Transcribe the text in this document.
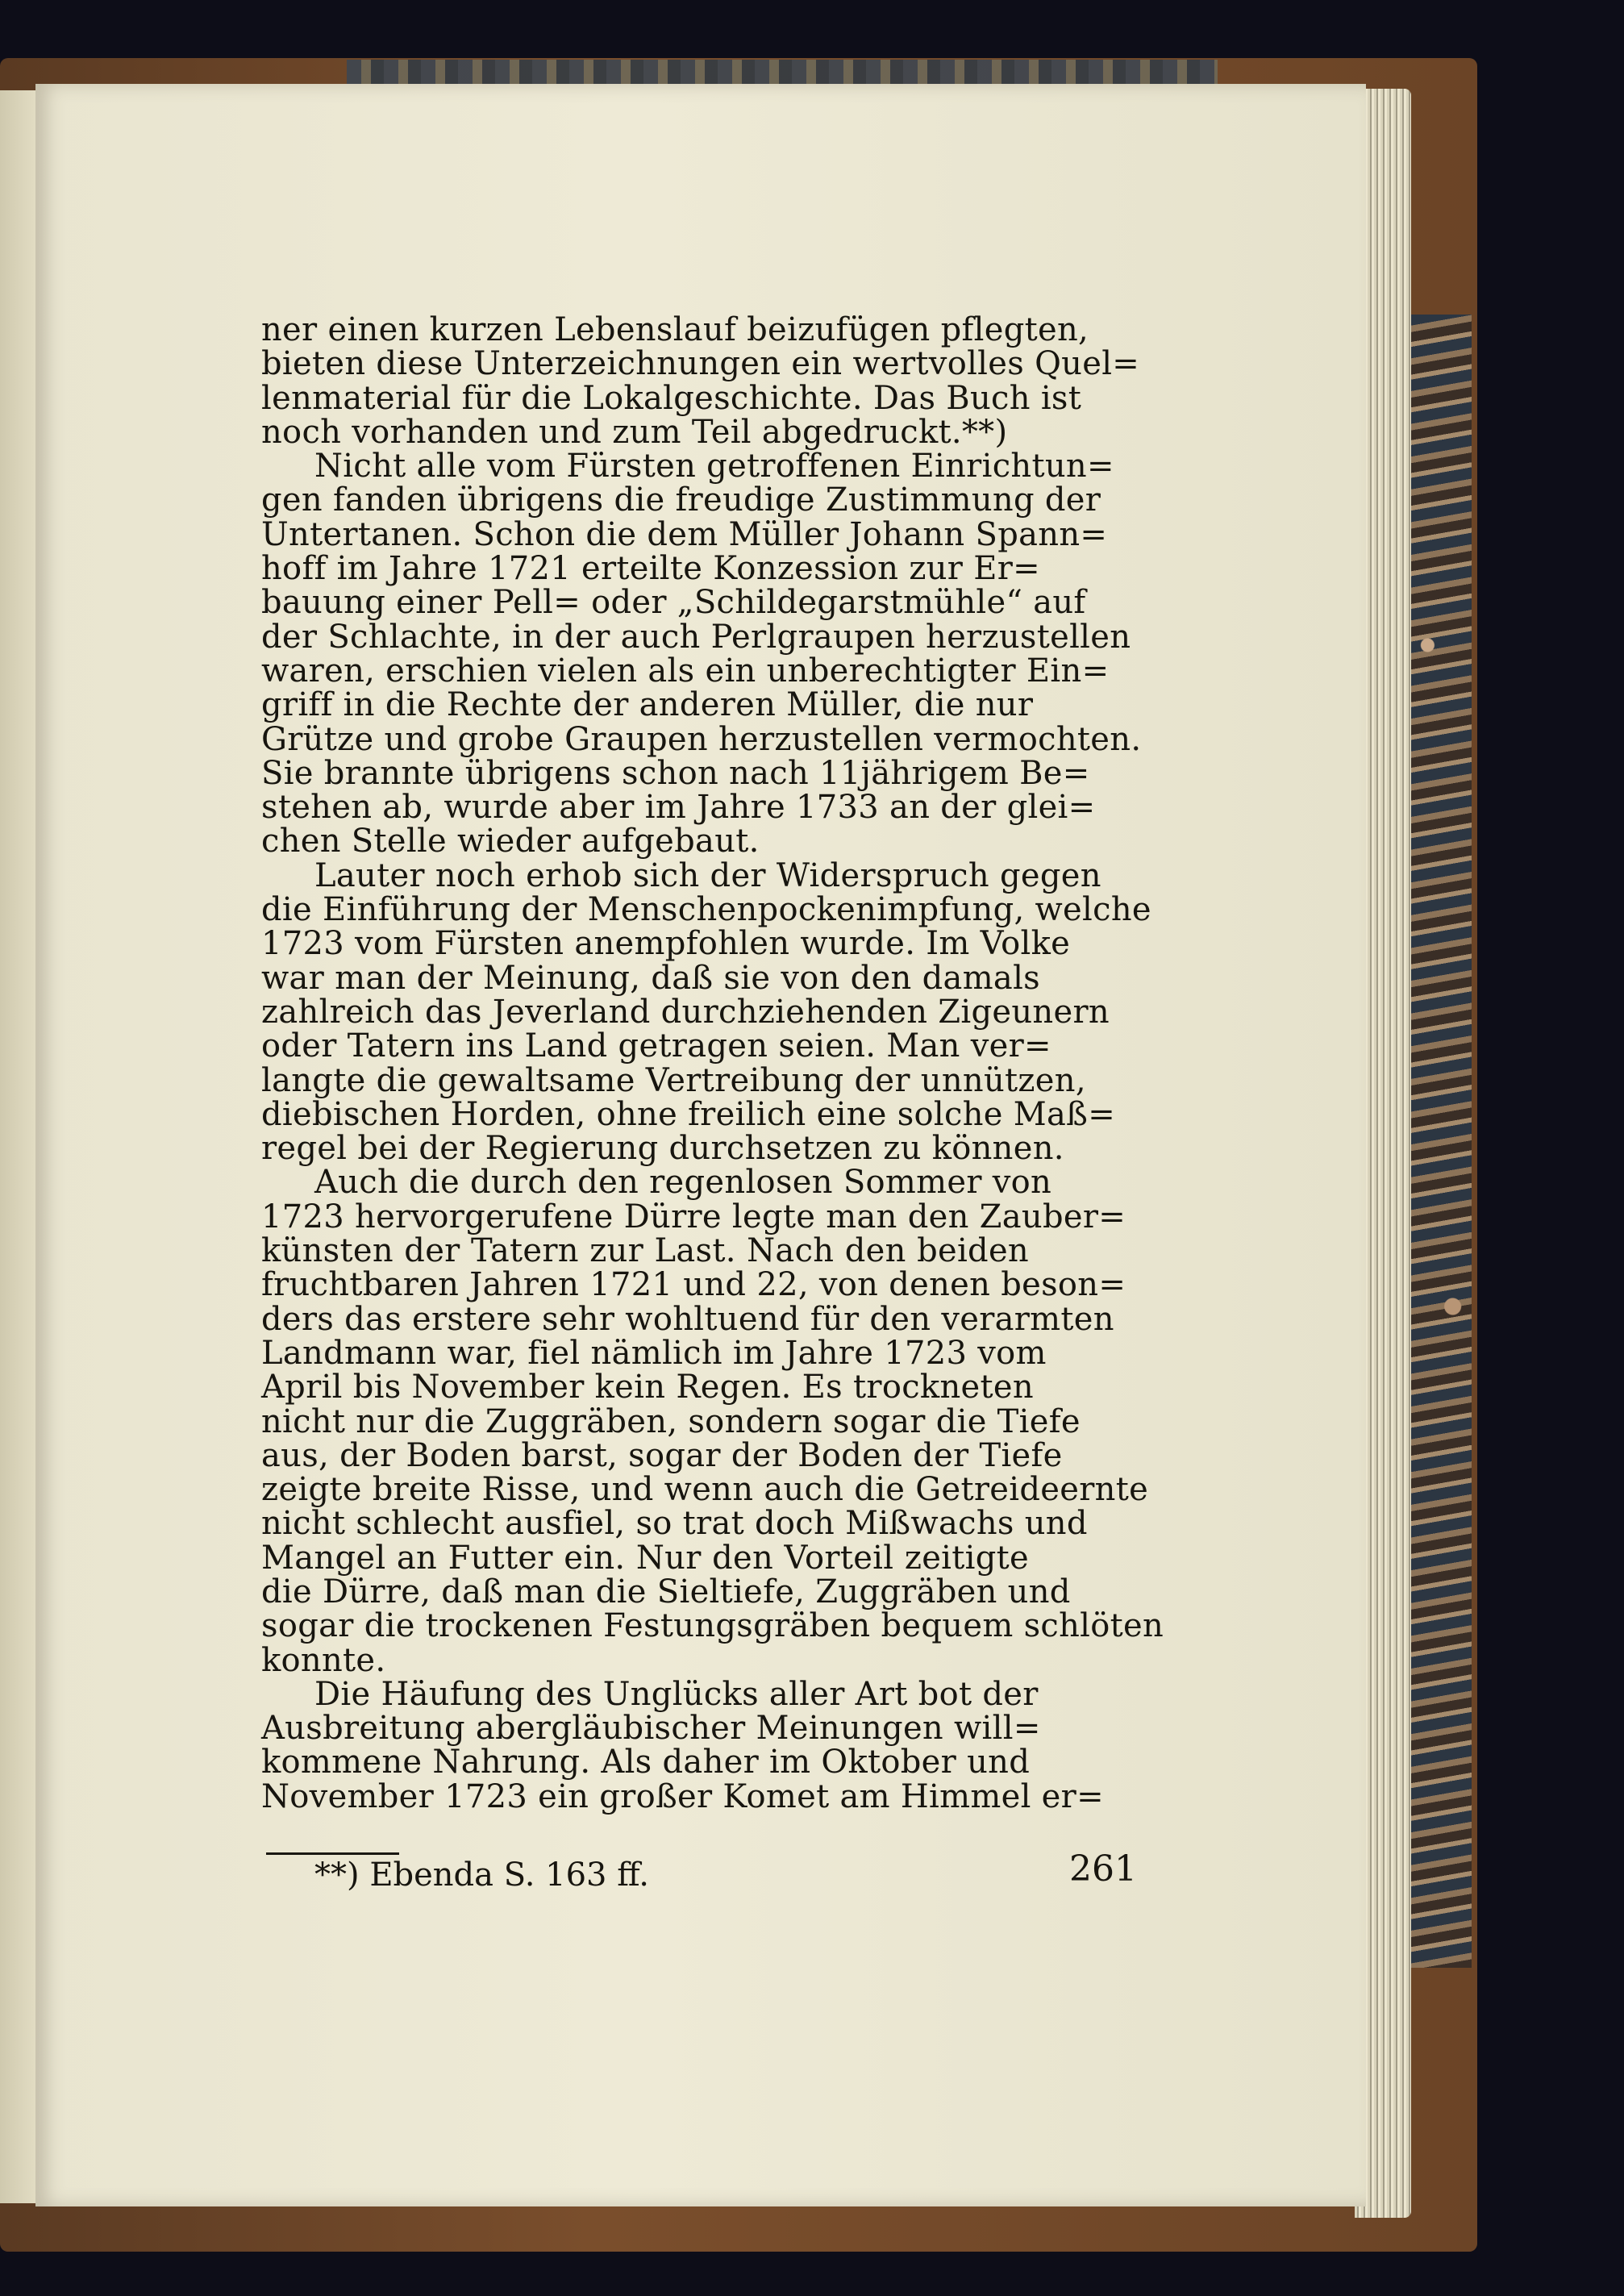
ner einen kurzen Lebenslauf beizufügen pflegten,
bieten diese Unterzeichnungen ein wertvolles Quel=
lenmaterial für die Lokalgeschichte. Das Buch ist
noch vorhanden und zum Teil abgedruckt.**)
Nicht alle vom Fürsten getroffenen Einrichtun=
gen fanden übrigens die freudige Zustimmung der
Untertanen. Schon die dem Müller Johann Spann=
hoff im Jahre 1721 erteilte Konzession zur Er=
bauung einer Pell= oder „Schildegarstmühle“ auf
der Schlachte, in der auch Perlgraupen herzustellen
waren, erschien vielen als ein unberechtigter Ein=
griff in die Rechte der anderen Müller, die nur
Grütze und grobe Graupen herzustellen vermochten.
Sie brannte übrigens schon nach 11jährigem Be=
stehen ab, wurde aber im Jahre 1733 an der glei=
chen Stelle wieder aufgebaut.
Lauter noch erhob sich der Widerspruch gegen
die Einführung der Menschenpockenimpfung, welche
1723 vom Fürsten anempfohlen wurde. Im Volke
war man der Meinung, daß sie von den damals
zahlreich das Jeverland durchziehenden Zigeunern
oder Tatern ins Land getragen seien. Man ver=
langte die gewaltsame Vertreibung der unnützen,
diebischen Horden, ohne freilich eine solche Maß=
regel bei der Regierung durchsetzen zu können.
Auch die durch den regenlosen Sommer von
1723 hervorgerufene Dürre legte man den Zauber=
künsten der Tatern zur Last. Nach den beiden
fruchtbaren Jahren 1721 und 22, von denen beson=
ders das erstere sehr wohltuend für den verarmten
Landmann war, fiel nämlich im Jahre 1723 vom
April bis November kein Regen. Es trockneten
nicht nur die Zuggräben, sondern sogar die Tiefe
aus, der Boden barst, sogar der Boden der Tiefe
zeigte breite Risse, und wenn auch die Getreideernte
nicht schlecht ausfiel, so trat doch Mißwachs und
Mangel an Futter ein. Nur den Vorteil zeitigte
die Dürre, daß man die Sieltiefe, Zuggräben und
sogar die trockenen Festungsgräben bequem schlöten
konnte.
Die Häufung des Unglücks aller Art bot der
Ausbreitung abergläubischer Meinungen will=
kommene Nahrung. Als daher im Oktober und
November 1723 ein großer Komet am Himmel er=
**) Ebenda S. 163 ff.	261
